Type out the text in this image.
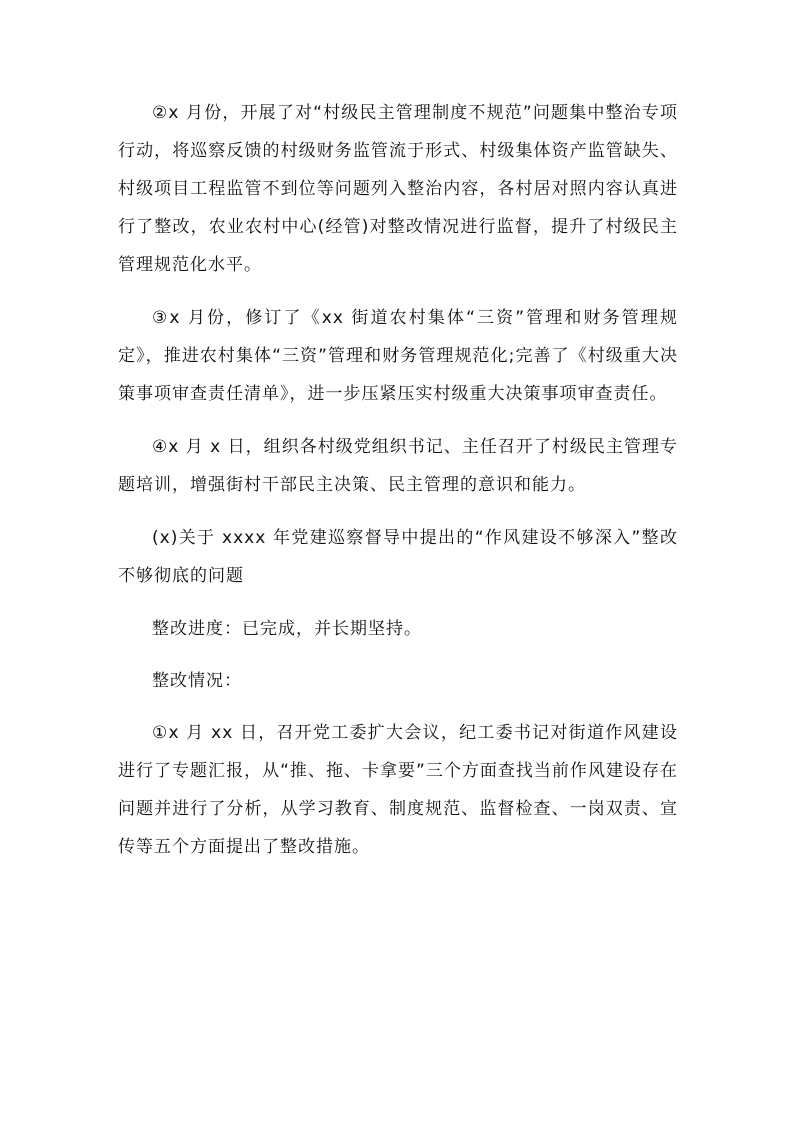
②x 月份，开展了对“村级民主管理制度不规范”问题集中整治专项行动，将巡察反馈的村级财务监管流于形式、村级集体资产监管缺失、村级项目工程监管不到位等问题列入整治内容，各村居对照内容认真进行了整改，农业农村中心(经管)对整改情况进行监督，提升了村级民主管理规范化水平。

③x 月份，修订了《xx 街道农村集体“三资”管理和财务管理规定》，推进农村集体“三资”管理和财务管理规范化;完善了《村级重大决策事项审查责任清单》，进一步压紧压实村级重大决策事项审查责任。

④x 月 x 日，组织各村级党组织书记、主任召开了村级民主管理专题培训，增强街村干部民主决策、民主管理的意识和能力。

(x)关于 xxxx 年党建巡察督导中提出的“作风建设不够深入”整改不够彻底的问题

整改进度：已完成，并长期坚持。

整改情况：

①x 月 xx 日，召开党工委扩大会议，纪工委书记对街道作风建设进行了专题汇报，从“推、拖、卡拿要”三个方面查找当前作风建设存在问题并进行了分析，从学习教育、制度规范、监督检查、一岗双责、宣传等五个方面提出了整改措施。
